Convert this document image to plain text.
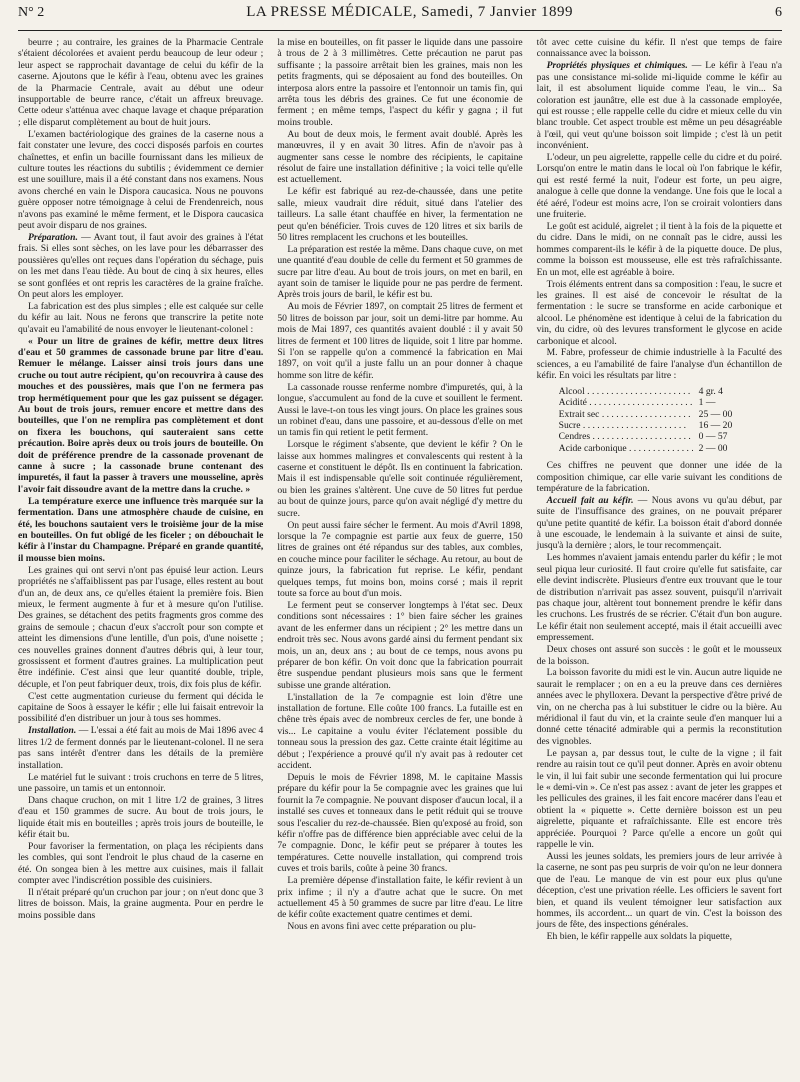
N° 2	LA PRESSE MÉDICALE, Samedi, 7 Janvier 1899	6

beurre ; au contraire, les graines de la Pharmacie Centrale s'étaient décolorées et avaient perdu beaucoup de leur odeur ; leur aspect se rapprochait davantage de celui du kéfir de la caserne. Ajoutons que le kéfir à l'eau, obtenu avec les graines de la Pharmacie Centrale, avait au début une odeur insupportable de beurre rance, c'était un affreux breuvage. Cette odeur s'atténua avec chaque lavage et chaque préparation ; elle disparut complètement au bout de huit jours.

L'examen bactériologique des graines de la caserne nous a fait constater une levure, des cocci disposés parfois en courtes chaînettes, et enfin un bacille fournissant dans les milieux de culture toutes les réactions du subtilis ; évidemment ce dernier est une souillure, mais il a été constant dans nos examens. Nous avons cherché en vain le Dispora caucasica. Nous ne pouvons guère opposer notre témoignage à celui de Frendenreich, nous n'avons pas examiné le même ferment, et le Dispora caucasica peut avoir disparu de nos graines.

Préparation. — Avant tout, il faut avoir des graines à l'état frais. Si elles sont sèches, on les lave pour les débarrasser des poussières qu'elles ont reçues dans l'opération du séchage, puis on les met dans l'eau tiède. Au bout de cinq à six heures, elles se sont gonflées et ont repris les caractères de la graine fraîche. On peut alors les employer.

La fabrication est des plus simples ; elle est calquée sur celle du kéfir au lait. Nous ne ferons que transcrire la petite note qu'avait eu l'amabilité de nous envoyer le lieutenant-colonel :

« Pour un litre de graines de kéfir, mettre deux litres d'eau et 50 grammes de cassonade brune par litre d'eau. Remuer le mélange. Laisser ainsi trois jours dans une cruche ou tout autre récipient, qu'on recouvrira à cause des mouches et des poussières, mais que l'on ne fermera pas trop hermétiquement pour que les gaz puissent se dégager. Au bout de trois jours, remuer encore et mettre dans des bouteilles, que l'on ne remplira pas complètement et dont on fixera les bouchons, qui sauteraient sans cette précaution. Boire après deux ou trois jours de bouteille. On doit de préférence prendre de la cassonade provenant de canne à sucre ; la cassonade brune contenant des impuretés, il faut la passer à travers une mousseline, après l'avoir fait dissoudre avant de la mettre dans la cruche. »

La température exerce une influence très marquée sur la fermentation. Dans une atmosphère chaude de cuisine, en été, les bouchons sautaient vers le troisième jour de la mise en bouteilles. On fut obligé de les ficeler ; on débouchait le kéfir à l'instar du Champagne. Préparé en grande quantité, il mousse bien moins.

Les graines qui ont servi n'ont pas épuisé leur action. Leurs propriétés ne s'affaiblissent pas par l'usage, elles restent au bout d'un an, de deux ans, ce qu'elles étaient la première fois. Bien mieux, le ferment augmente à fur et à mesure qu'on l'utilise. Des graines, se détachent des petits fragments gros comme des grains de semoule ; chacun d'eux s'accroît pour son compte et atteint les dimensions d'une lentille, d'un pois, d'une noisette ; ces nouvelles graines donnent d'autres débris qui, à leur tour, grossissent et forment d'autres graines. La multiplication peut être indéfinie. C'est ainsi que leur quantité double, triple, décuple, et l'on peut fabriquer deux, trois, dix fois plus de kéfir.

C'est cette augmentation curieuse du ferment qui décida le capitaine de Soos à essayer le kéfir ; elle lui faisait entrevoir la possibilité d'en distribuer un jour à tous ses hommes.

Installation. — L'essai a été fait au mois de Mai 1896 avec 4 litres 1/2 de ferment donnés par le lieutenant-colonel. Il ne sera pas sans intérêt d'entrer dans les détails de la première installation.

Le matériel fut le suivant : trois cruchons en terre de 5 litres, une passoire, un tamis et un entonnoir.

Dans chaque cruchon, on mit 1 litre 1/2 de graines, 3 litres d'eau et 150 grammes de sucre. Au bout de trois jours, le liquide était mis en bouteilles ; après trois jours de bouteille, le kéfir était bu.

Pour favoriser la fermentation, on plaça les récipients dans les combles, qui sont l'endroit le plus chaud de la caserne en été. On songea bien à les mettre aux cuisines, mais il fallait compter avec l'indiscrétion possible des cuisiniers.

Il n'était préparé qu'un cruchon par jour ; on n'eut donc que 3 litres de boisson. Mais, la graine augmenta. Pour en perdre le moins possible dans

la mise en bouteilles, on fit passer le liquide dans une passoire à trous de 2 à 3 millimètres. Cette précaution ne parut pas suffisante ; la passoire arrêtait bien les graines, mais non les petits fragments, qui se déposaient au fond des bouteilles. On interposa alors entre la passoire et l'entonnoir un tamis fin, qui arrêta tous les débris des graines. Ce fut une économie de ferment ; en même temps, l'aspect du kéfir y gagna ; il fut moins trouble.

Au bout de deux mois, le ferment avait doublé. Après les manœuvres, il y en avait 30 litres. Afin de n'avoir pas à augmenter sans cesse le nombre des récipients, le capitaine résolut de faire une installation définitive ; la voici telle qu'elle est actuellement.

Le kéfir est fabriqué au rez-de-chaussée, dans une petite salle, mieux vaudrait dire réduit, situé dans l'atelier des tailleurs. La salle étant chauffée en hiver, la fermentation ne peut qu'en bénéficier. Trois cuves de 120 litres et six barils de 50 litres remplacent les cruchons et les bouteilles.

La préparation est restée la même. Dans chaque cuve, on met une quantité d'eau double de celle du ferment et 50 grammes de sucre par litre d'eau. Au bout de trois jours, on met en baril, en ayant soin de tamiser le liquide pour ne pas perdre de ferment. Après trois jours de baril, le kéfir est bu.

Au mois de Février 1897, on comptait 25 litres de ferment et 50 litres de boisson par jour, soit un demi-litre par homme. Au mois de Mai 1897, ces quantités avaient doublé : il y avait 50 litres de ferment et 100 litres de liquide, soit 1 litre par homme. Si l'on se rappelle qu'on a commencé la fabrication en Mai 1897, on voit qu'il a juste fallu un an pour donner à chaque homme son litre de kéfir.

La cassonade rousse renferme nombre d'impuretés, qui, à la longue, s'accumulent au fond de la cuve et souillent le ferment. Aussi le lave-t-on tous les vingt jours. On place les graines sous un robinet d'eau, dans une passoire, et au-dessous d'elle on met un tamis fin qui retient le petit ferment.

Lorsque le régiment s'absente, que devient le kéfir ? On le laisse aux hommes malingres et convalescents qui restent à la caserne et constituent le dépôt. Ils en continuent la fabrication. Mais il est indispensable qu'elle soit continuée régulièrement, ou bien les graines s'altèrent. Une cuve de 50 litres fut perdue au bout de quinze jours, parce qu'on avait négligé d'y mettre du sucre.

On peut aussi faire sécher le ferment. Au mois d'Avril 1898, lorsque la 7e compagnie est partie aux feux de guerre, 150 litres de graines ont été répandus sur des tables, aux combles, en couche mince pour faciliter le séchage. Au retour, au bout de quinze jours, la fabrication fut reprise. Le kéfir, pendant quelques temps, fut moins bon, moins corsé ; mais il reprit toute sa force au bout d'un mois.

Le ferment peut se conserver longtemps à l'état sec. Deux conditions sont nécessaires : 1° bien faire sécher les graines avant de les enfermer dans un récipient ; 2° les mettre dans un endroit très sec. Nous avons gardé ainsi du ferment pendant six mois, un an, deux ans ; au bout de ce temps, nous avons pu préparer de bon kéfir. On voit donc que la fabrication pourrait être suspendue pendant plusieurs mois sans que le ferment subisse une grande altération.

L'installation de la 7e compagnie est loin d'être une installation de fortune. Elle coûte 100 francs. La futaille est en chêne très épais avec de nombreux cercles de fer, une bonde à vis... Le capitaine a voulu éviter l'éclatement possible du tonneau sous la pression des gaz. Cette crainte était légitime au début ; l'expérience a prouvé qu'il n'y avait pas à redouter cet accident.

Depuis le mois de Février 1898, M. le capitaine Massis prépare du kéfir pour la 5e compagnie avec les graines que lui fournit la 7e compagnie. Ne pouvant disposer d'aucun local, il a installé ses cuves et tonneaux dans le petit réduit qui se trouve sous l'escalier du rez-de-chaussée. Bien qu'exposé au froid, son kéfir n'offre pas de différence bien appréciable avec celui de la 7e compagnie. Donc, le kéfir peut se préparer à toutes les températures. Cette nouvelle installation, qui comprend trois cuves et trois barils, coûte à peine 30 francs.

La première dépense d'installation faite, le kéfir revient à un prix infime ; il n'y a d'autre achat que le sucre. On met actuellement 45 à 50 grammes de sucre par litre d'eau. Le litre de kéfir coûte exactement quatre centimes et demi.

Nous en avons fini avec cette préparation ou plu-

tôt avec cette cuisine du kéfir. Il n'est que temps de faire connaissance avec la boisson.

Propriétés physiques et chimiques. — Le kéfir à l'eau n'a pas une consistance mi-solide mi-liquide comme le kéfir au lait, il est absolument liquide comme l'eau, le vin... Sa coloration est jaunâtre, elle est due à la cassonade employée, qui est rousse ; elle rappelle celle du cidre et mieux celle du vin blanc trouble. Cet aspect trouble est même un peu désagréable à l'œil, qui veut qu'une boisson soit limpide ; c'est là un petit inconvénient.

L'odeur, un peu aigrelette, rappelle celle du cidre et du poiré. Lorsqu'on entre le matin dans le local où l'on fabrique le kéfir, qui est resté fermé la nuit, l'odeur est forte, un peu aigre, analogue à celle que donne la vendange. Une fois que le local a été aéré, l'odeur est moins acre, l'on se croirait volontiers dans une fruiterie.

Le goût est acidulé, aigrelet ; il tient à la fois de la piquette et du cidre. Dans le midi, on ne connaît pas le cidre, aussi les hommes comparent-ils le kéfir à de la piquette douce. De plus, comme la boisson est mousseuse, elle est très rafraîchissante. En un mot, elle est agréable à boire.

Trois éléments entrent dans sa composition : l'eau, le sucre et les graines. Il est aisé de concevoir le résultat de la fermentation : le sucre se transforme en acide carbonique et alcool. Le phénomène est identique à celui de la fabrication du vin, du cidre, où des levures transforment le glycose en acide carbonique et alcool.

M. Fabre, professeur de chimie industrielle à la Faculté des sciences, a eu l'amabilité de faire l'analyse d'un échantillon de kéfir. En voici les résultats par litre :

Alcool . . .	4 gr. 4
Acidité . . .	1 —
Extrait sec . . .	25 — 00
Sucre . . .	16 — 20
Cendres . . .	0 — 57
Acide carbonique . . .	2 — 00

Ces chiffres ne peuvent que donner une idée de la composition chimique, car elle varie suivant les conditions de température de la fabrication.

Accueil fait au kéfir. — Nous avons vu qu'au début, par suite de l'insuffisance des graines, on ne pouvait préparer qu'une petite quantité de kéfir. La boisson était d'abord donnée à une escouade, le lendemain à la suivante et ainsi de suite, jusqu'à la dernière ; alors, le tour recommençait.

Les hommes n'avaient jamais entendu parler du kéfir ; le mot seul piqua leur curiosité. Il faut croire qu'elle fut satisfaite, car elle devint indiscrète. Plusieurs d'entre eux trouvant que le tour de distribution n'arrivait pas assez souvent, puisqu'il n'arrivait pas chaque jour, altèrent tout bonnement prendre le kéfir dans les cruchons. Les frustrés de se récrier. C'était d'un bon augure. Le kéfir était non seulement accepté, mais il était accueilli avec empressement.

Deux choses ont assuré son succès : le goût et le mousseux de la boisson.

La boisson favorite du midi est le vin. Aucun autre liquide ne saurait le remplacer ; on en a eu la preuve dans ces dernières années avec le phylloxera. Devant la perspective d'être privé de vin, on ne chercha pas à lui substituer le cidre ou la bière. Au méridional il faut du vin, et la crainte seule d'en manquer lui a donné cette ténacité admirable qui a permis la reconstitution des vignobles.

Le paysan a, par dessus tout, le culte de la vigne ; il fait rendre au raisin tout ce qu'il peut donner. Après en avoir obtenu le vin, il lui fait subir une seconde fermentation qui lui procure le « demi-vin ». Ce n'est pas assez : avant de jeter les grappes et les pellicules des graines, il les fait encore macérer dans l'eau et obtient la « piquette ». Cette dernière boisson est un peu aigrelette, piquante et rafraîchissante. Elle est encore très appréciée. Pourquoi ? Parce qu'elle a encore un goût qui rappelle le vin.

Aussi les jeunes soldats, les premiers jours de leur arrivée à la caserne, ne sont pas peu surpris de voir qu'on ne leur donnera que de l'eau. Le manque de vin est pour eux plus qu'une déception, c'est une privation réelle. Les officiers le savent fort bien, et quand ils veulent témoigner leur satisfaction aux hommes, ils accordent... un quart de vin. C'est la boisson des jours de fête, des inspections générales.

Eh bien, le kéfir rappelle aux soldats la piquette,
